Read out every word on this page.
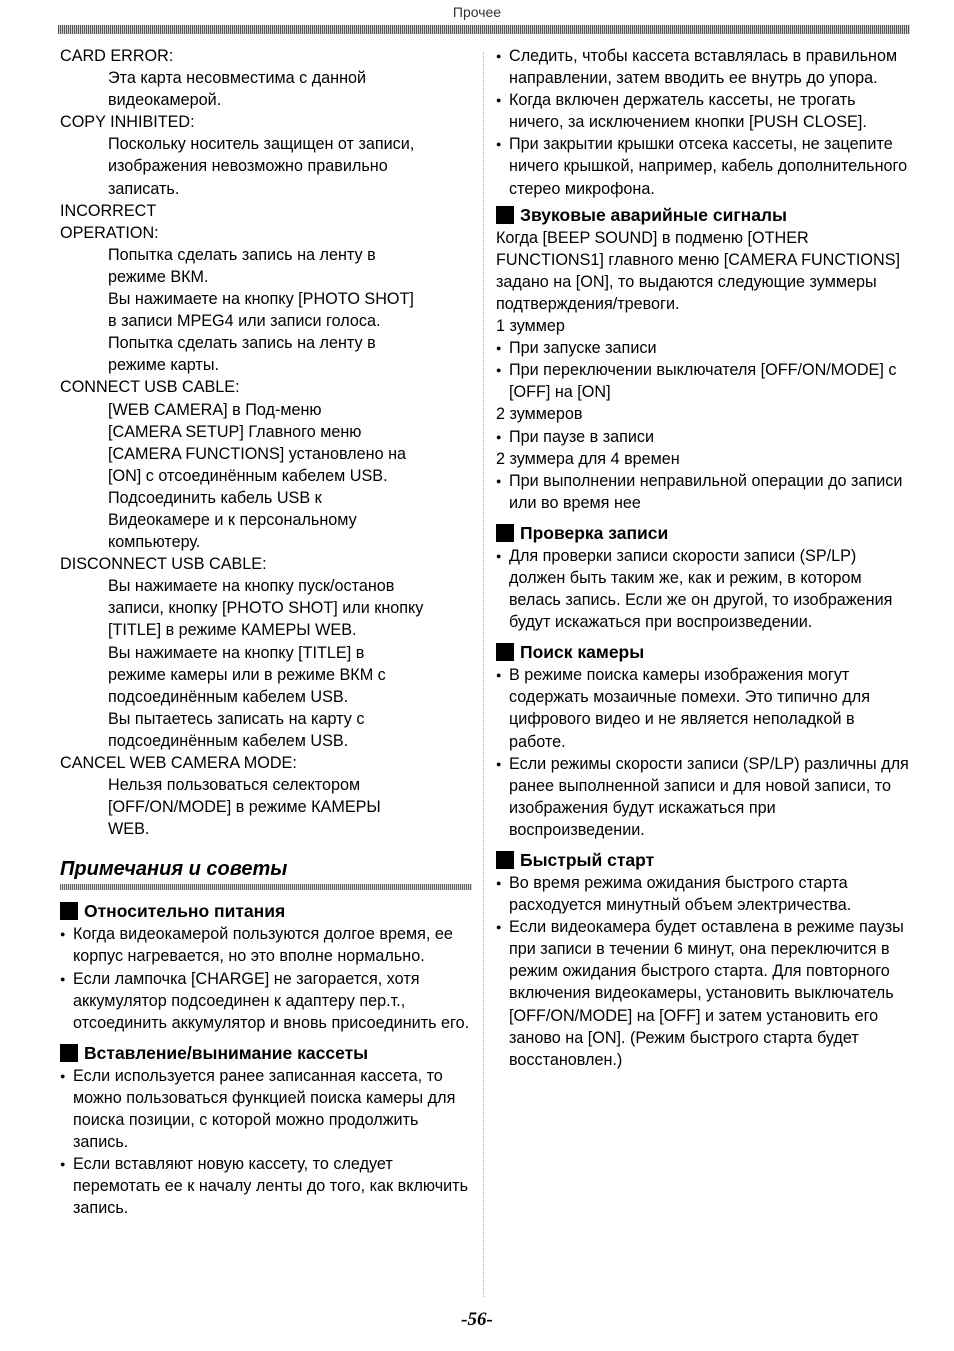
Прочее

CARD ERROR:

Эта карта несовместима с данной

видеокамерой.

COPY INHIBITED:

Поскольку носитель защищен от записи,

изображения невозможно правильно

записать.

INCORRECT

OPERATION:

Попытка сделать запись на ленту в

режиме ВКМ.

Вы нажимаете на кнопку [PHOTO SHOT]

в записи MPEG4 или записи голоса.

Попытка сделать запись на ленту в

режиме карты.

CONNECT USB CABLE:

[WEB CAMERA] в Под-меню

[CAMERA SETUP] Главного меню

[CAMERA FUNCTIONS] установлено на

[ON] с отсоединённым кабелем USB.

Подсоединить кабель USB к

Видеокамере и к персональному

компьютеру.

DISCONNECT USB CABLE:

Вы нажимаете на кнопку пуск/останов

записи, кнопку [PHOTO SHOT] или кнопку

[TITLE] в режиме КАМЕРЫ WEB.

Вы нажимаете на кнопку [TITLE] в

режиме камеры или в режиме ВКМ с

подсоединённым кабелем USB.

Вы пытаетесь записать на карту с

подсоединённым кабелем USB.

CANCEL WEB CAMERA MODE:

Нельзя пользоваться селектором

[OFF/ON/MODE] в режиме КАМЕРЫ

WEB.

Примечания и советы
Относительно питания

● Когда видеокамерой пользуются долгое время, ее корпус нагревается, но это вполне нормально.

● Если лампочка [CHARGE] не загорается, хотя аккумулятор подсоединен к адаптеру пер.т., отсоединить аккумулятор и вновь присоединить его.

Вставление/вынимание кассеты

● Если используется ранее записанная кассета, то можно пользоваться функцией поиска камеры для поиска позиции, с которой можно продолжить запись.

● Если вставляют новую кассету, то следует перемотать ее к началу ленты до того, как включить запись.

● Следить, чтобы кассета вставлялась в правильном направлении, затем вводить ее внутрь до упора.

● Когда включен держатель кассеты, не трогать ничего, за исключением кнопки [PUSH CLOSE].

● При закрытии крышки отсека кассеты, не зацепите ничего крышкой, например, кабель дополнительного стерео микрофона.

Звуковые аварийные сигналы

Когда [BEEP SOUND] в подменю [OTHER FUNCTIONS1] главного меню [CAMERA FUNCTIONS] задано на [ON], то выдаются следующие зуммеры подтверждения/тревоги.

1 зуммер

● При запуске записи

● При переключении выключателя [OFF/ON/MODE] с [OFF] на [ON]

2 зуммеров

● При паузе в записи

2 зуммера для 4 времен

● При выполнении неправильной операции до записи или во время нее

Проверка записи

● Для проверки записи скорости записи (SP/LP) должен быть таким же, как и режим, в котором велась запись. Если же он другой, то изображения будут искажаться при воспроизведении.

Поиск камеры

● В режиме поиска камеры изображения могут содержать мозаичные помехи. Это типично для цифрового видео и не является неполадкой в работе.

● Если режимы скорости записи (SP/LP) различны для ранее выполненной записи и для новой записи, то изображения будут искажаться при воспроизведении.

Быстрый старт

● Во время режима ожидания быстрого старта расходуется минутный объем электричества.

● Если видеокамера будет оставлена в режиме паузы при записи в течении 6 минут, она переключится в режим ожидания быстрого старта. Для повторного включения видеокамеры, установить выключатель [OFF/ON/MODE] на [OFF] и затем установить его заново на [ON]. (Режим быстрого старта будет восстановлен.)

-56-
